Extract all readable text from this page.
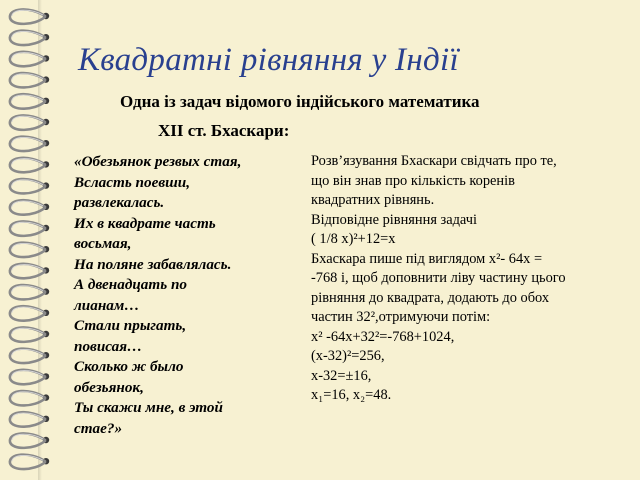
Квадратні рівняння у Індії
Одна із задач відомого індійського математика
XII ст. Бхаскари:
«Обезьянок резвых стая,
Всласть поевши,
развлекалась.
Их в квадрате часть
восьмая,
На поляне забавлялась.
А двенадцать по
лианам…
Стали прыгать,
повисая…
Сколько ж было
обезьянок,
Ты скажи мне, в этой
стае?»
Розв’язування Бхаскари свідчать про те,
що він знав про кількість коренів
квадратних рівнянь.
Відповідне рівняння задачі
( 1/8 x)²+12=x
Бхаскара пише під виглядом x²- 64x =
-768 і, щоб доповнити ліву частину цього
рівняння до квадрата, додають до обох
частин 32²,отримуючи потім:
x² -64x+32²=-768+1024,
(x-32)²=256,
x-32=±16,
x₁=16, x₂=48.
